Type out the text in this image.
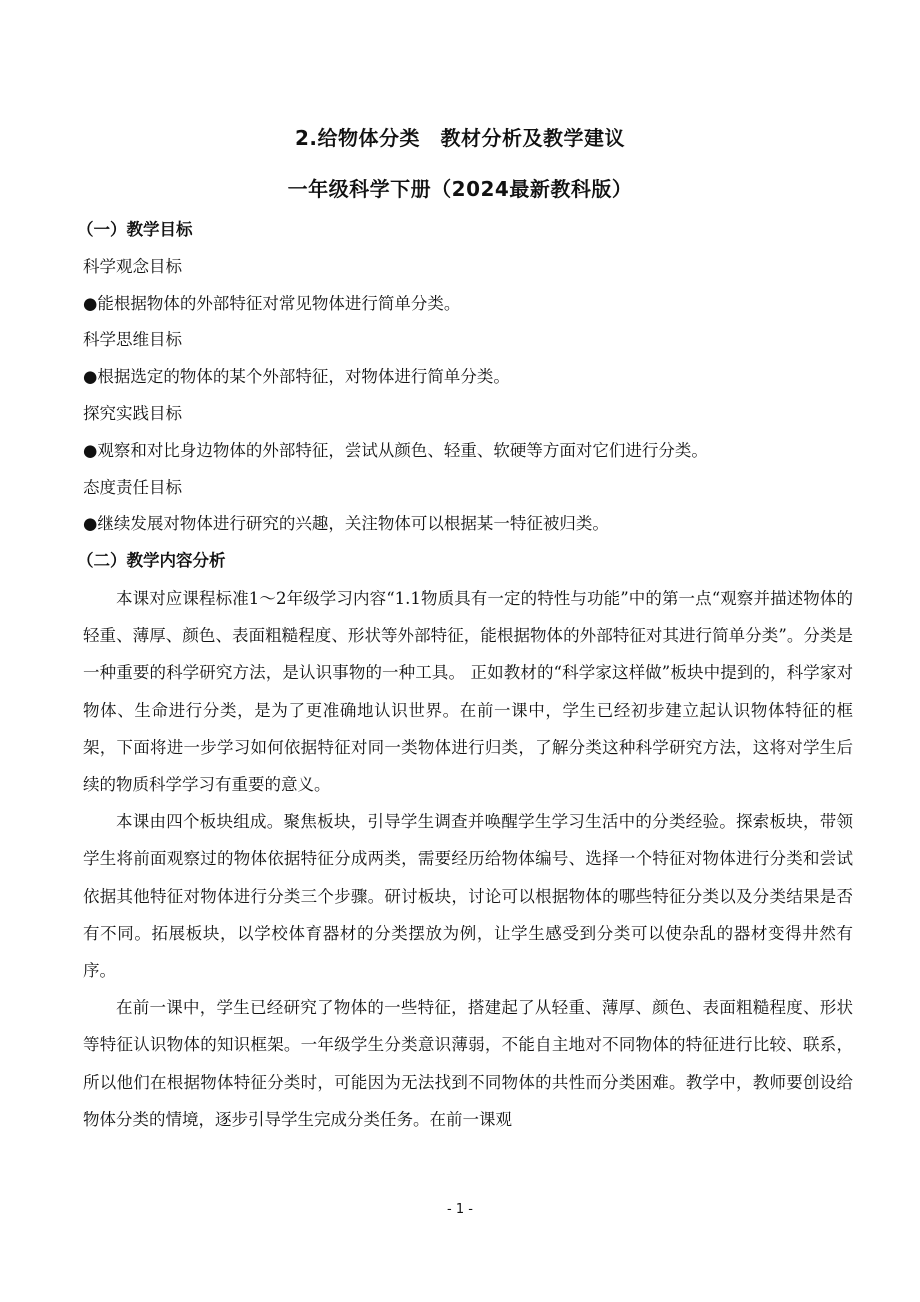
2.给物体分类　教材分析及教学建议
一年级科学下册（2024最新教科版）
（一）教学目标
科学观念目标
●能根据物体的外部特征对常见物体进行简单分类。
科学思维目标
●根据选定的物体的某个外部特征，对物体进行简单分类。
探究实践目标
●观察和对比身边物体的外部特征，尝试从颜色、轻重、软硬等方面对它们进行分类。
态度责任目标
●继续发展对物体进行研究的兴趣，关注物体可以根据某一特征被归类。
（二）教学内容分析

本课对应课程标准1～2年级学习内容“1.1物质具有一定的特性与功能”中的第一点“观察并描述物体的轻重、薄厚、颜色、表面粗糙程度、形状等外部特征，能根据物体的外部特征对其进行简单分类”。分类是一种重要的科学研究方法，是认识事物的一种工具。 正如教材的“科学家这样做”板块中提到的，科学家对物体、生命进行分类，是为了更准确地认识世界。在前一课中，学生已经初步建立起认识物体特征的框架，下面将进一步学习如何依据特征对同一类物体进行归类，了解分类这种科学研究方法，这将对学生后续的物质科学学习有重要的意义。

本课由四个板块组成。聚焦板块，引导学生调查并唤醒学生学习生活中的分类经验。探索板块，带领学生将前面观察过的物体依据特征分成两类，需要经历给物体编号、选择一个特征对物体进行分类和尝试依据其他特征对物体进行分类三个步骤。研讨板块，讨论可以根据物体的哪些特征分类以及分类结果是否有不同。拓展板块，以学校体育器材的分类摆放为例，让学生感受到分类可以使杂乱的器材变得井然有序。

在前一课中，学生已经研究了物体的一些特征，搭建起了从轻重、薄厚、颜色、表面粗糙程度、形状等特征认识物体的知识框架。一年级学生分类意识薄弱，不能自主地对不同物体的特征进行比较、联系，所以他们在根据物体特征分类时，可能因为无法找到不同物体的共性而分类困难。教学中，教师要创设给物体分类的情境，逐步引导学生完成分类任务。在前一课观

- 1 -
